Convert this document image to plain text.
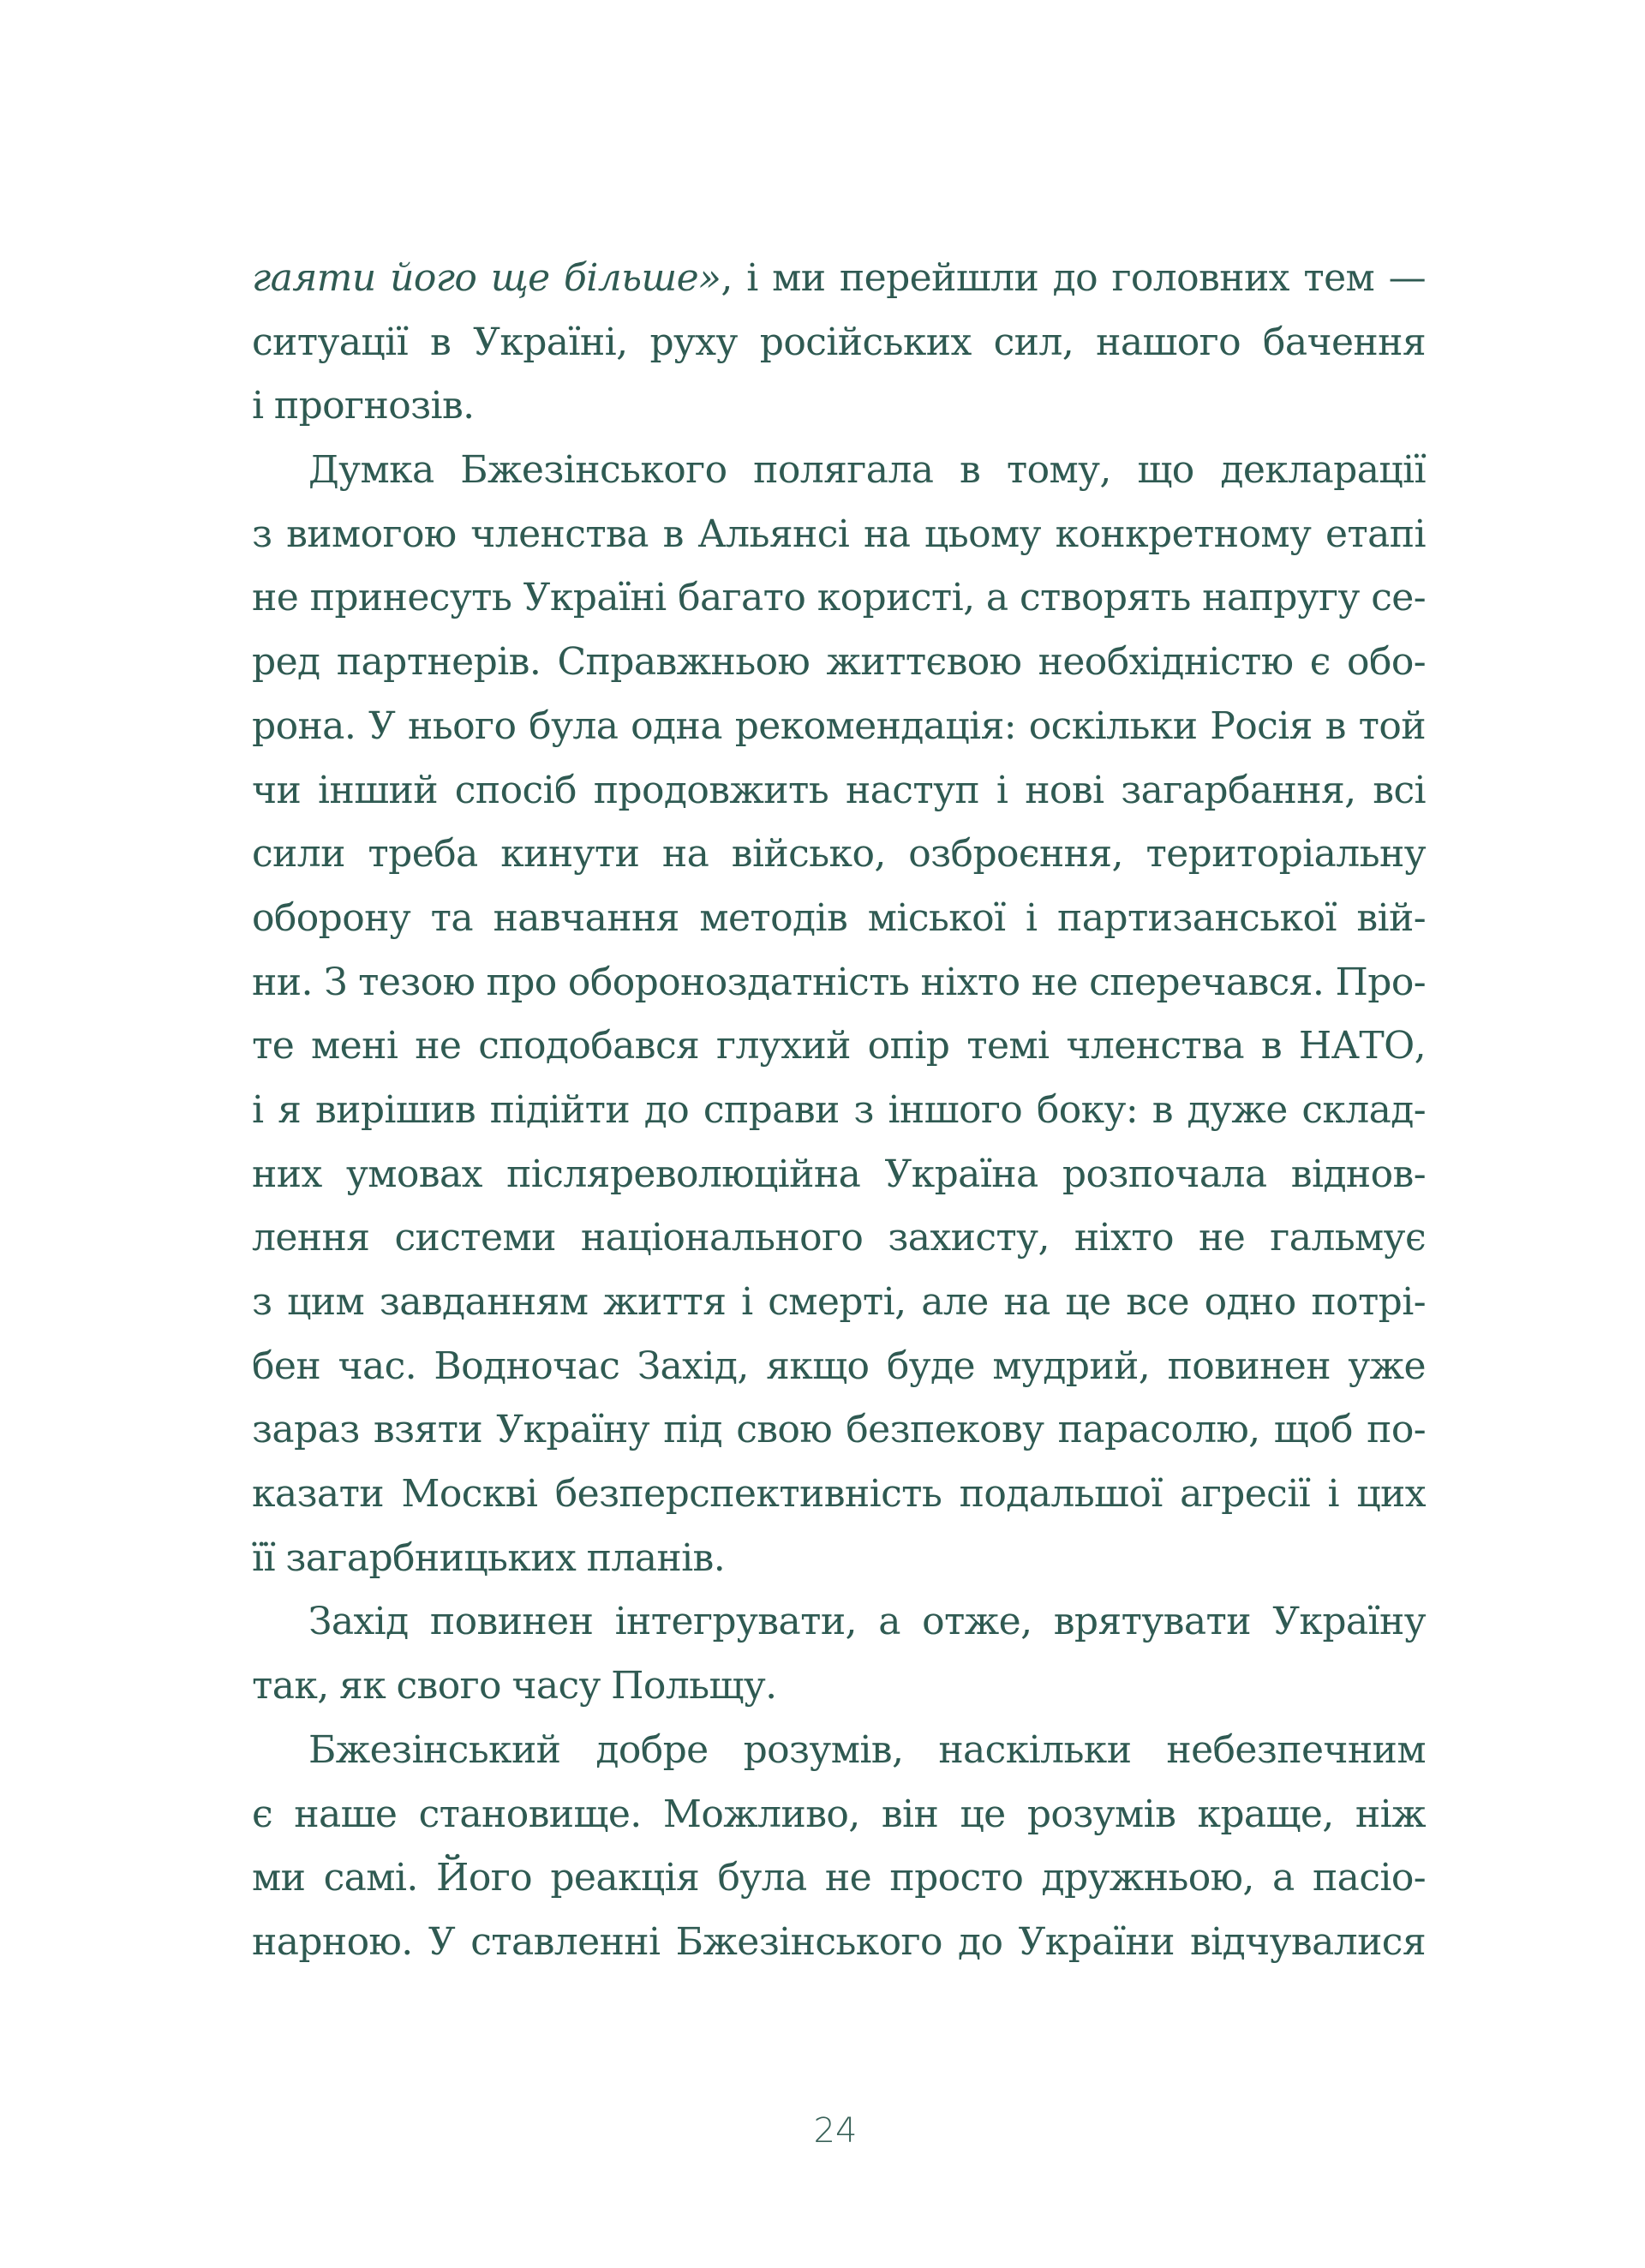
гаяти його ще більше», і ми перейшли до головних тем —
ситуації в Україні, руху російських сил, нашого бачення
і прогнозів.
Думка Бжезінського полягала в тому, що декларації
з вимогою членства в Альянсі на цьому конкретному етапі
не принесуть Україні багато користі, а створять напругу се-
ред партнерів. Справжньою життєвою необхідністю є обо-
рона. У нього була одна рекомендація: оскільки Росія в той
чи інший спосіб продовжить наступ і нові загарбання, всі
сили треба кинути на військо, озброєння, територіальну
оборону та навчання методів міської і партизанської вій-
ни. З тезою про обороноздатність ніхто не сперечався. Про-
те мені не сподобався глухий опір темі членства в НАТО,
і я вирішив підійти до справи з іншого боку: в дуже склад-
них умовах післяреволюційна Україна розпочала віднов-
лення системи національного захисту, ніхто не гальмує
з цим завданням життя і смерті, але на це все одно потрі-
бен час. Водночас Захід, якщо буде мудрий, повинен уже
зараз взяти Україну під свою безпекову парасолю, щоб по-
казати Москві безперспективність подальшої агресії і цих
її загарбницьких планів.
Захід повинен інтегрувати, а отже, врятувати Україну
так, як свого часу Польщу.
Бжезінський добре розумів, наскільки небезпечним
є наше становище. Можливо, він це розумів краще, ніж
ми самі. Його реакція була не просто дружньою, а пасіо-
нарною. У ставленні Бжезінського до України відчувалися
24
